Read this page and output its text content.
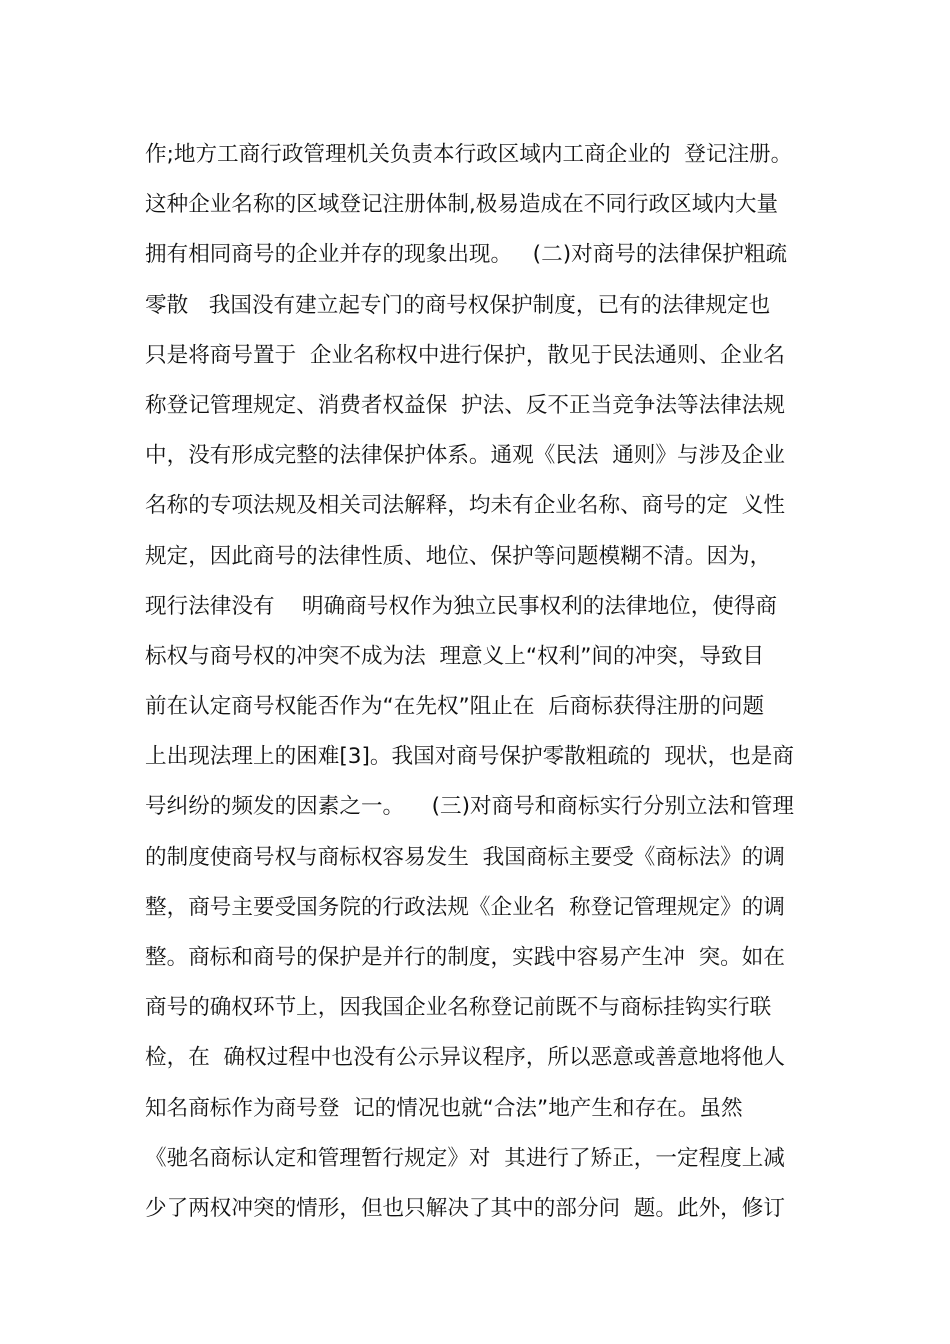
作;地方工商行政管理机关负责本行政区域内工商企业的  登记注册。
这种企业名称的区域登记注册体制,极易造成在不同行政区域内大量
拥有相同商号的企业并存的现象出现。   (二)对商号的法律保护粗疏
零散   我国没有建立起专门的商号权保护制度，已有的法律规定也
只是将商号置于  企业名称权中进行保护，散见于民法通则、企业名
称登记管理规定、消费者权益保  护法、反不正当竞争法等法律法规
中，没有形成完整的法律保护体系。通观《民法  通则》与涉及企业
名称的专项法规及相关司法解释，均未有企业名称、商号的定  义性
规定，因此商号的法律性质、地位、保护等问题模糊不清。因为，
现行法律没有    明确商号权作为独立民事权利的法律地位，使得商
标权与商号权的冲突不成为法  理意义上“权利”间的冲突，导致目
前在认定商号权能否作为“在先权”阻止在  后商标获得注册的问题
上出现法理上的困难[3]。我国对商号保护零散粗疏的  现状，也是商
号纠纷的频发的因素之一。    (三)对商号和商标实行分别立法和管理
的制度使商号权与商标权容易发生  我国商标主要受《商标法》的调
整，商号主要受国务院的行政法规《企业名  称登记管理规定》的调
整。商标和商号的保护是并行的制度，实践中容易产生冲  突。如在
商号的确权环节上，因我国企业名称登记前既不与商标挂钩实行联
检，在  确权过程中也没有公示异议程序，所以恶意或善意地将他人
知名商标作为商号登  记的情况也就“合法”地产生和存在。虽然
《驰名商标认定和管理暂行规定》对  其进行了矫正，一定程度上减
少了两权冲突的情形，但也只解决了其中的部分问  题。此外，修订
